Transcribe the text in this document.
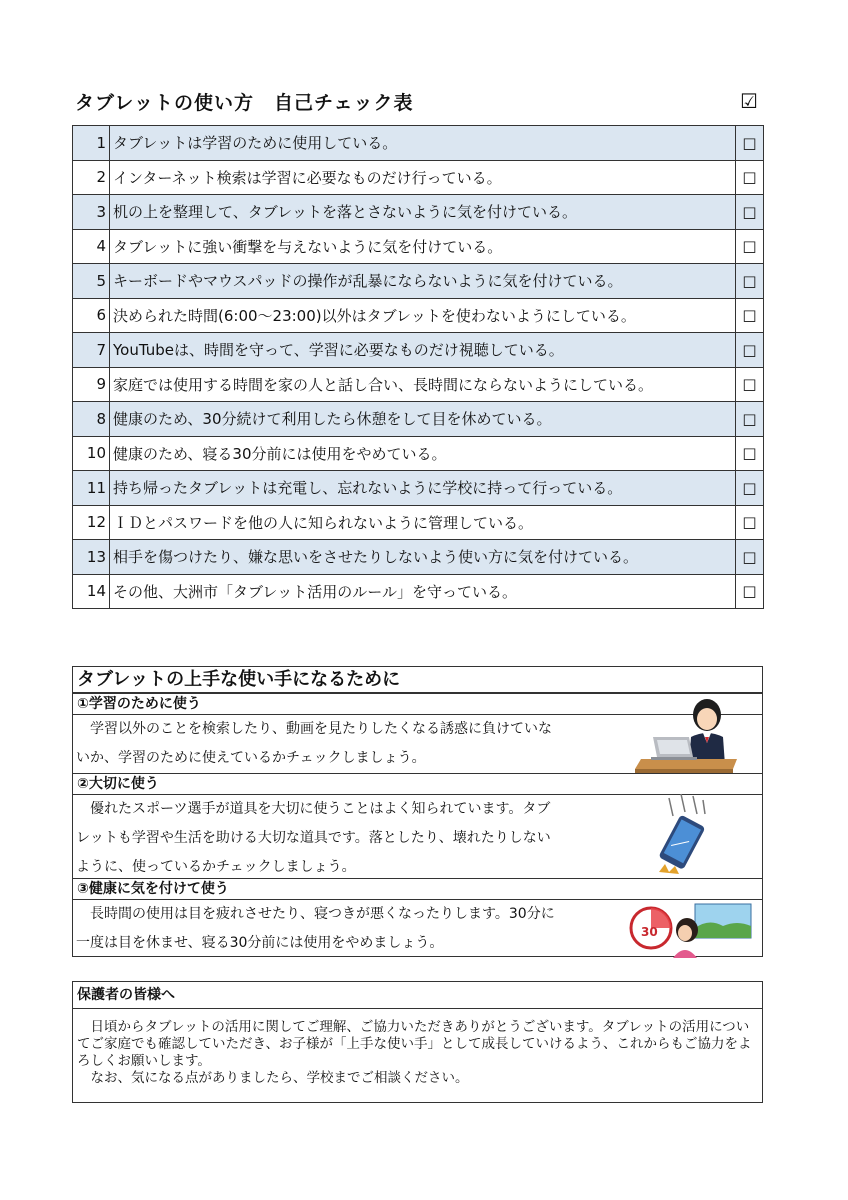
タブレットの使い方　自己チェック表	☑
1	タブレットは学習のために使用している。	□
2	インターネット検索は学習に必要なものだけ行っている。	□
3	机の上を整理して、タブレットを落とさないように気を付けている。	□
4	タブレットに強い衝撃を与えないように気を付けている。	□
5	キーボードやマウスパッドの操作が乱暴にならないように気を付けている。	□
6	決められた時間(6:00～23:00)以外はタブレットを使わないようにしている。	□
7	YouTubeは、時間を守って、学習に必要なものだけ視聴している。	□
9	家庭では使用する時間を家の人と話し合い、長時間にならないようにしている。	□
8	健康のため、30分続けて利用したら休憩をして目を休めている。	□
10	健康のため、寝る30分前には使用をやめている。	□
11	持ち帰ったタブレットは充電し、忘れないように学校に持って行っている。	□
12	ＩＤとパスワードを他の人に知られないように管理している。	□
13	相手を傷つけたり、嫌な思いをさせたりしないよう使い方に気を付けている。	□
14	その他、大洲市「タブレット活用のルール」を守っている。	□
タブレットの上手な使い手になるために
①学習のために使う
　学習以外のことを検索したり、動画を見たりしたくなる誘惑に負けていな
いか、学習のために使えているかチェックしましょう。
②大切に使う
　優れたスポーツ選手が道具を大切に使うことはよく知られています。タブ
レットも学習や生活を助ける大切な道具です。落としたり、壊れたりしない
ように、使っているかチェックしましょう。
③健康に気を付けて使う
　長時間の使用は目を疲れさせたり、寝つきが悪くなったりします。30分に
一度は目を休ませ、寝る30分前には使用をやめましょう。
30
保護者の皆様へ

日頃からタブレットの活用に関してご理解、ご協力いただきありがとうございます。タブレットの活用についてご家庭でも確認していただき、お子様が「上手な使い手」として成長していけるよう、これからもご協力をよろしくお願いします。

なお、気になる点がありましたら、学校までご相談ください。
